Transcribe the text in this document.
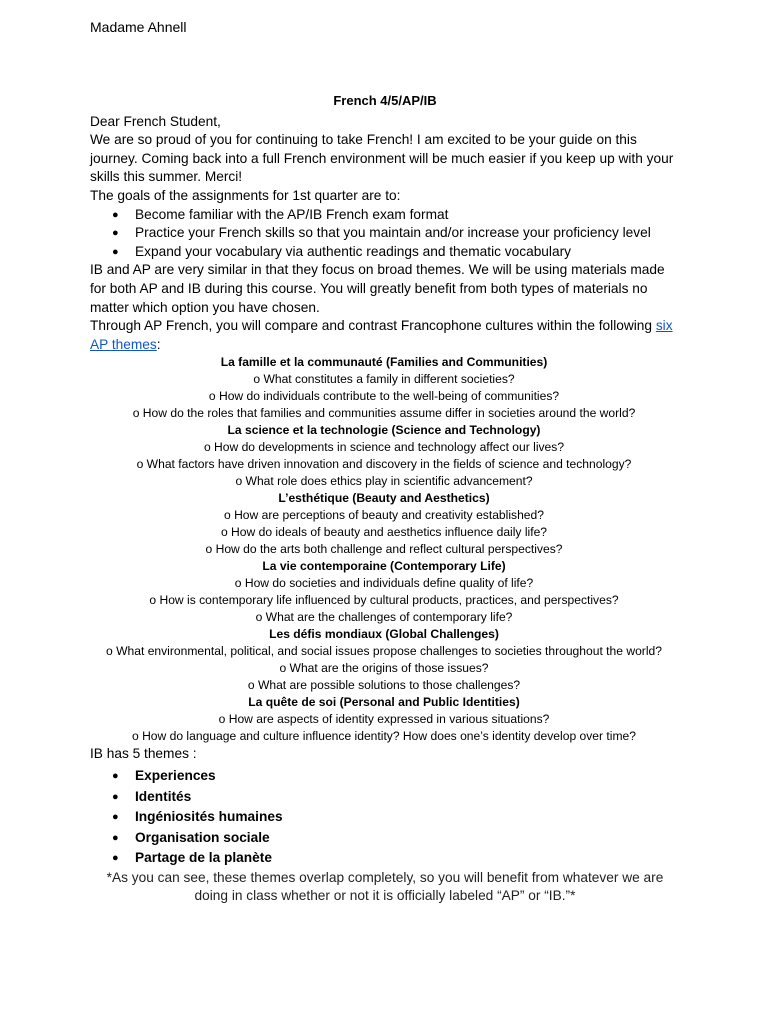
Madame Ahnell
French 4/5/AP/IB

Dear French Student,

We are so proud of you for continuing to take French! I am excited to be your guide on this journey. Coming back into a full French environment will be much easier if you keep up with your skills this summer. Merci!

The goals of the assignments for 1st quarter are to:

● Become familiar with the AP/IB French exam format
● Practice your French skills so that you maintain and/or increase your proficiency level
● Expand your vocabulary via authentic readings and thematic vocabulary

IB and AP are very similar in that they focus on broad themes. We will be using materials made for both AP and IB during this course. You will greatly benefit from both types of materials no matter which option you have chosen.

Through AP French, you will compare and contrast Francophone cultures within the following six AP themes:

La famille et la communauté (Families and Communities)
o What constitutes a family in different societies?
o How do individuals contribute to the well-being of communities?
o How do the roles that families and communities assume differ in societies around the world?
La science et la technologie (Science and Technology)
o How do developments in science and technology affect our lives?
o What factors have driven innovation and discovery in the fields of science and technology?
o What role does ethics play in scientific advancement?
L’esthétique (Beauty and Aesthetics)
o How are perceptions of beauty and creativity established?
o How do ideals of beauty and aesthetics influence daily life?
o How do the arts both challenge and reflect cultural perspectives?
La vie contemporaine (Contemporary Life)
o How do societies and individuals define quality of life?
o How is contemporary life influenced by cultural products, practices, and perspectives?
o What are the challenges of contemporary life?
Les défis mondiaux (Global Challenges)
o What environmental, political, and social issues propose challenges to societies throughout the world?
o What are the origins of those issues?
o What are possible solutions to those challenges?
La quête de soi (Personal and Public Identities)
o How are aspects of identity expressed in various situations?
o How do language and culture influence identity? How does one’s identity develop over time?

IB has 5 themes :

● Experiences
● Identités
● Ingéniosités humaines
● Organisation sociale
● Partage de la planète

*As you can see, these themes overlap completely, so you will benefit from whatever we are doing in class whether or not it is officially labeled “AP” or “IB.”*
